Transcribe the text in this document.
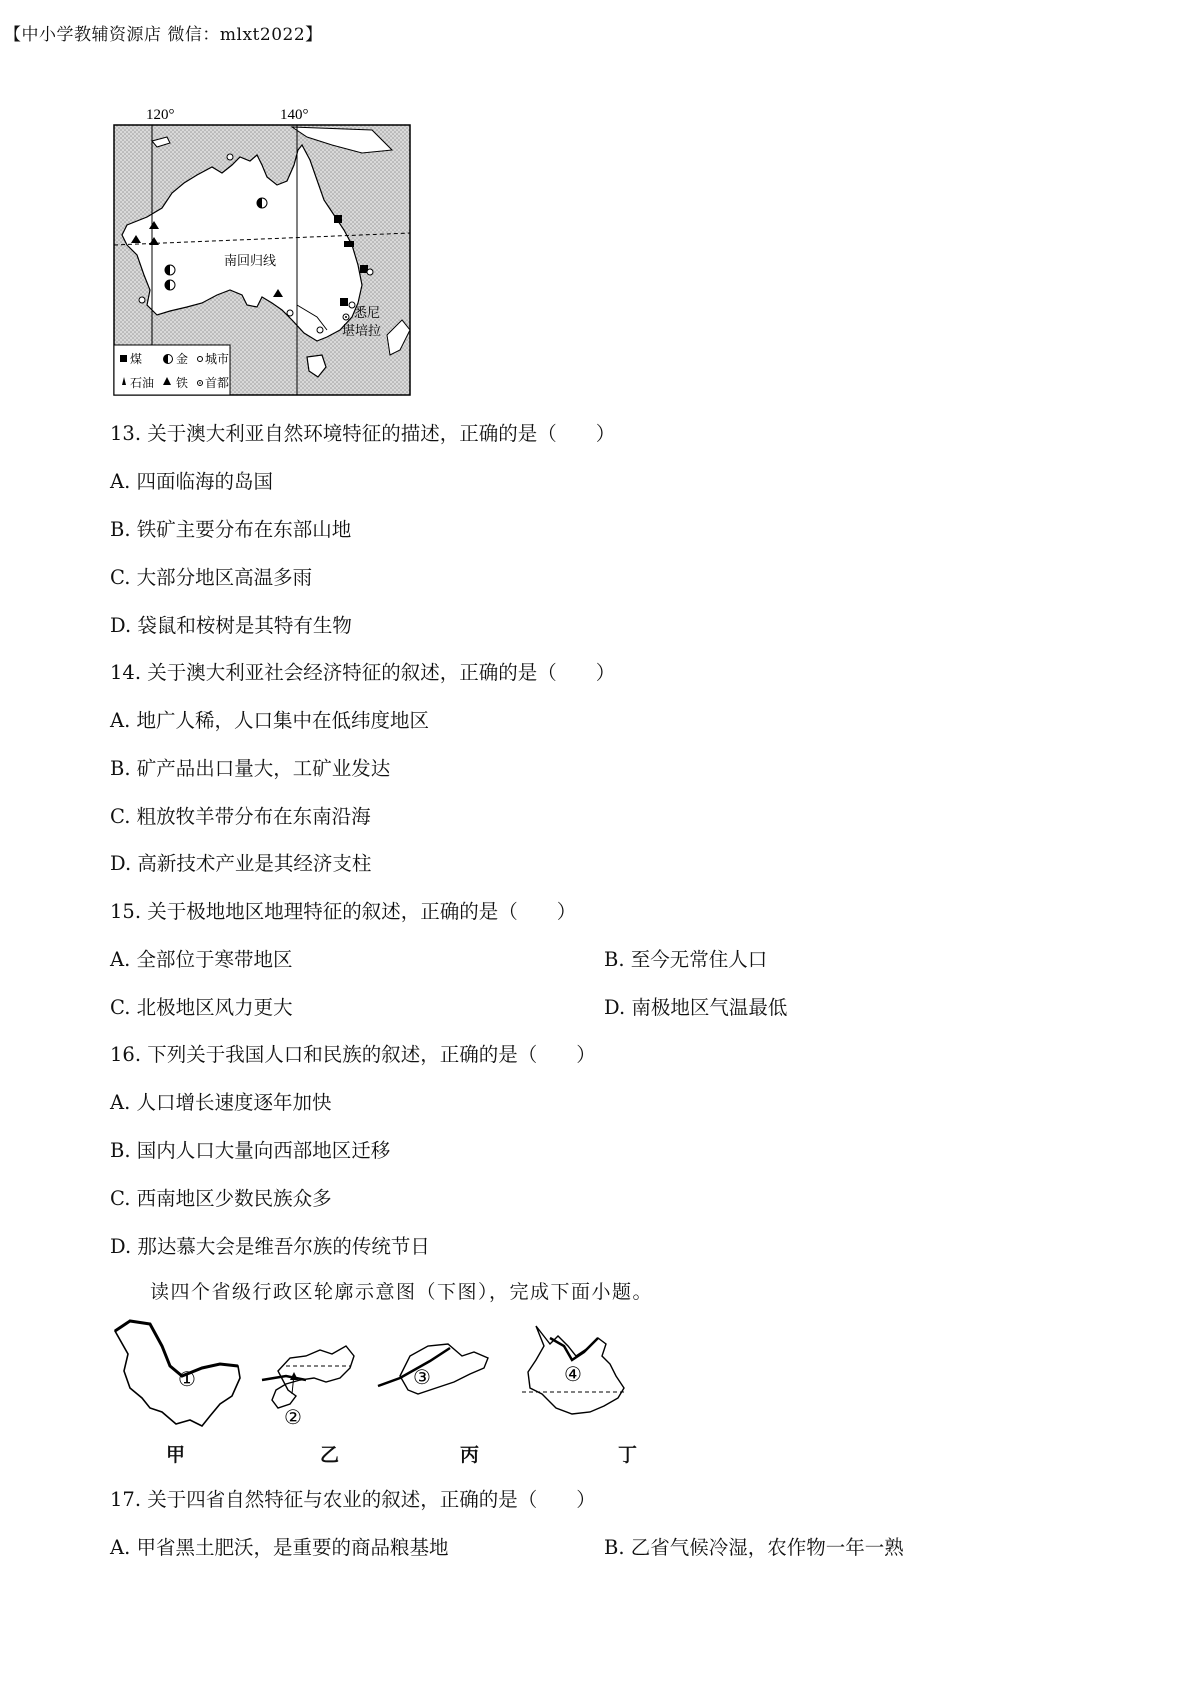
【中小学教辅资源店 微信：mlxt2022】
120°	140°
南回归线
悉尼
堪培拉
煤	金 城市
石油 铁 首都
13. 关于澳大利亚自然环境特征的描述，正确的是（　　）
A. 四面临海的岛国
B. 铁矿主要分布在东部山地
C. 大部分地区高温多雨
D. 袋鼠和桉树是其特有生物
14. 关于澳大利亚社会经济特征的叙述，正确的是（　　）
A. 地广人稀，人口集中在低纬度地区
B. 矿产品出口量大，工矿业发达
C. 粗放牧羊带分布在东南沿海
D. 高新技术产业是其经济支柱
15. 关于极地地区地理特征的叙述，正确的是（　　）
A. 全部位于寒带地区	B. 至今无常住人口
C. 北极地区风力更大	D. 南极地区气温最低
16. 下列关于我国人口和民族的叙述，正确的是（　　）
A. 人口增长速度逐年加快
B. 国内人口大量向西部地区迁移
C. 西南地区少数民族众多
D. 那达慕大会是维吾尔族的传统节日
读四个省级行政区轮廓示意图（下图），完成下面小题。
①
②
③	④
甲	乙	丙	丁
17. 关于四省自然特征与农业的叙述，正确的是（　　）
A. 甲省黑土肥沃，是重要的商品粮基地	B. 乙省气候冷湿，农作物一年一熟
